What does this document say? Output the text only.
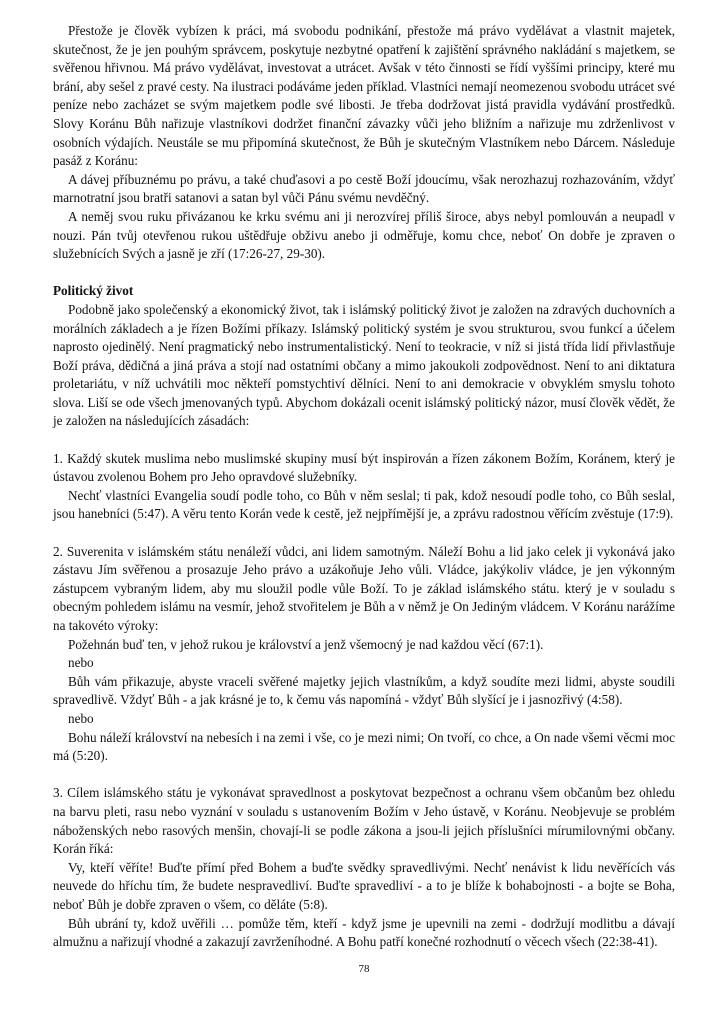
Přestože je člověk vybízen k práci, má svobodu podnikání, přestože má právo vydělávat a vlastnit majetek, skutečnost, že je jen pouhým správcem, poskytuje nezbytné opatření k zajištění správného nakládání s majetkem, se svěřenou hřivnou. Má právo vydělávat, investovat a utrácet. Avšak v této činnosti se řídí vyššími principy, které mu brání, aby sešel z pravé cesty. Na ilustraci podáváme jeden příklad. Vlastníci nemají neomezenou svobodu utrácet své peníze nebo zacházet se svým majetkem podle své libosti. Je třeba dodržovat jistá pravidla vydávání prostředků. Slovy Koránu Bůh nařizuje vlastníkovi dodržet finanční závazky vůči jeho bližním a nařizuje mu zdrženlivost v osobních výdajích. Neustále se mu připomíná skutečnost, že Bůh je skutečným Vlastníkem nebo Dárcem. Následuje pasáž z Koránu:

A dávej příbuznému po právu, a také chuďasovi a po cestě Boží jdoucímu, však nerozhazuj rozhazováním, vždyť marnotratní jsou bratři satanovi a satan byl vůči Pánu svému nevděčný.

A neměj svou ruku přivázanou ke krku svému ani ji nerozvírej příliš široce, abys nebyl pomlouván a neupadl v nouzi. Pán tvůj otevřenou rukou uštědřuje obživu anebo ji odměřuje, komu chce, neboť On dobře je zpraven o služebnících Svých a jasně je zří (17:26-27, 29-30).

Politický život

Podobně jako společenský a ekonomický život, tak i islámský politický život je založen na zdravých duchovních a morálních základech a je řízen Božími příkazy. Islámský politický systém je svou strukturou, svou funkcí a účelem naprosto ojedinělý. Není pragmatický nebo instrumentalistický. Není to teokracie, v níž si jistá třída lidí přivlastňuje Boží práva, dědičná a jiná práva a stojí nad ostatními občany a mimo jakoukoli zodpovědnost. Není to ani diktatura proletariátu, v níž uchvátili moc někteří pomstychtiví dělníci. Není to ani demokracie v obvyklém smyslu tohoto slova. Liší se ode všech jmenovaných typů. Abychom dokázali ocenit islámský politický názor, musí člověk vědět, že je založen na následujících zásadách:

1. Každý skutek muslima nebo muslimské skupiny musí být inspirován a řízen zákonem Božím, Koránem, který je ústavou zvolenou Bohem pro Jeho opravdové služebníky.

Nechť vlastníci Evangelia soudí podle toho, co Bůh v něm seslal; ti pak, kdož nesoudí podle toho, co Bůh seslal, jsou hanebníci (5:47). A věru tento Korán vede k cestě, jež nejpřímější je, a zprávu radostnou věřícím zvěstuje (17:9).

2. Suverenita v islámském státu nenáleží vůdci, ani lidem samotným. Náleží Bohu a lid jako celek ji vykonává jako zástavu Jím svěřenou a prosazuje Jeho právo a uzákoňuje Jeho vůli. Vládce, jakýkoliv vládce, je jen výkonným zástupcem vybraným lidem, aby mu sloužil podle vůle Boží. To je základ islámského státu. který je v souladu s obecným pohledem islámu na vesmír, jehož stvořitelem je Bůh a v němž je On Jediným vládcem. V Koránu narážíme na takovéto výroky:

Požehnán buď ten, v jehož rukou je království a jenž všemocný je nad každou věcí (67:1).

nebo

Bůh vám přikazuje, abyste vraceli svěřené majetky jejich vlastníkům, a když soudíte mezi lidmi, abyste soudili spravedlivě. Vždyť Bůh - a jak krásné je to, k čemu vás napomíná - vždyť Bůh slyšící je i jasnozřivý (4:58).

nebo

Bohu náleží království na nebesích i na zemi i vše, co je mezi nimi; On tvoří, co chce, a On nade všemi věcmi moc má (5:20).

3. Cílem islámského státu je vykonávat spravedlnost a poskytovat bezpečnost a ochranu všem občanům bez ohledu na barvu pleti, rasu nebo vyznání v souladu s ustanovením Božím v Jeho ústavě, v Koránu. Neobjevuje se problém náboženských nebo rasových menšin, chovají-li se podle zákona a jsou-li jejich příslušníci mírumilovnými občany. Korán říká:

Vy, kteří věříte! Buďte přímí před Bohem a buďte svědky spravedlivými. Nechť nenávist k lidu nevěřících vás neuvede do hříchu tím, že budete nespravedliví. Buďte spravedliví - a to je blíže k bohabojnosti - a bojte se Boha, neboť Bůh je dobře zpraven o všem, co děláte (5:8).

Bůh ubrání ty, kdož uvěřili … pomůže těm, kteří - když jsme je upevnili na zemi - dodržují modlitbu a dávají almužnu a nařizují vhodné a zakazují zavrženíhodné. A Bohu patří konečné rozhodnutí o věcech všech (22:38-41).

78
